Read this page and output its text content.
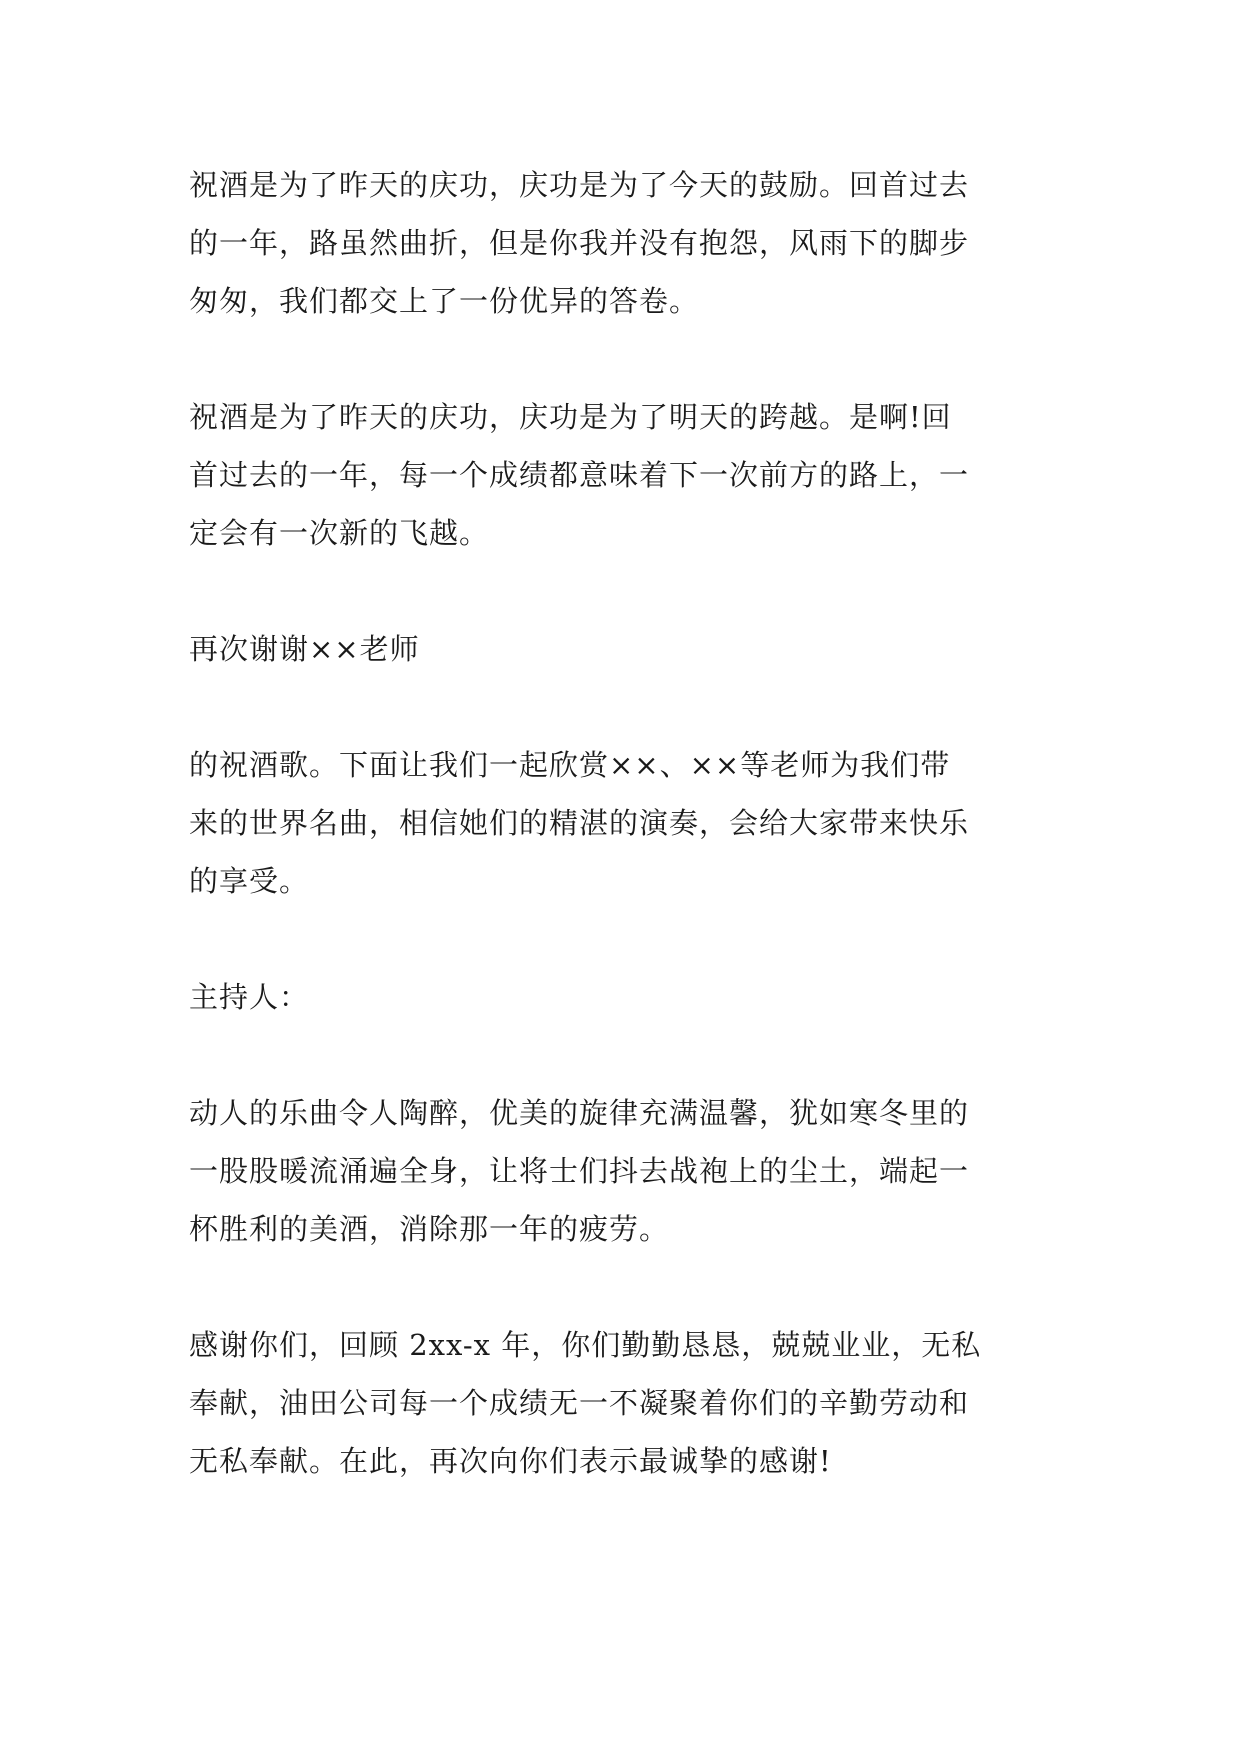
祝酒是为了昨天的庆功，庆功是为了今天的鼓励。回首过去
的一年，路虽然曲折，但是你我并没有抱怨，风雨下的脚步
匆匆，我们都交上了一份优异的答卷。

祝酒是为了昨天的庆功，庆功是为了明天的跨越。是啊!回
首过去的一年，每一个成绩都意味着下一次前方的路上，一
定会有一次新的飞越。

再次谢谢××老师

的祝酒歌。下面让我们一起欣赏××、××等老师为我们带
来的世界名曲，相信她们的精湛的演奏，会给大家带来快乐
的享受。

主持人：

动人的乐曲令人陶醉，优美的旋律充满温馨，犹如寒冬里的
一股股暖流涌遍全身，让将士们抖去战袍上的尘土，端起一
杯胜利的美酒，消除那一年的疲劳。

感谢你们，回顾 2xx-x 年，你们勤勤恳恳，兢兢业业，无私
奉献，油田公司每一个成绩无一不凝聚着你们的辛勤劳动和
无私奉献。在此，再次向你们表示最诚挚的感谢!
